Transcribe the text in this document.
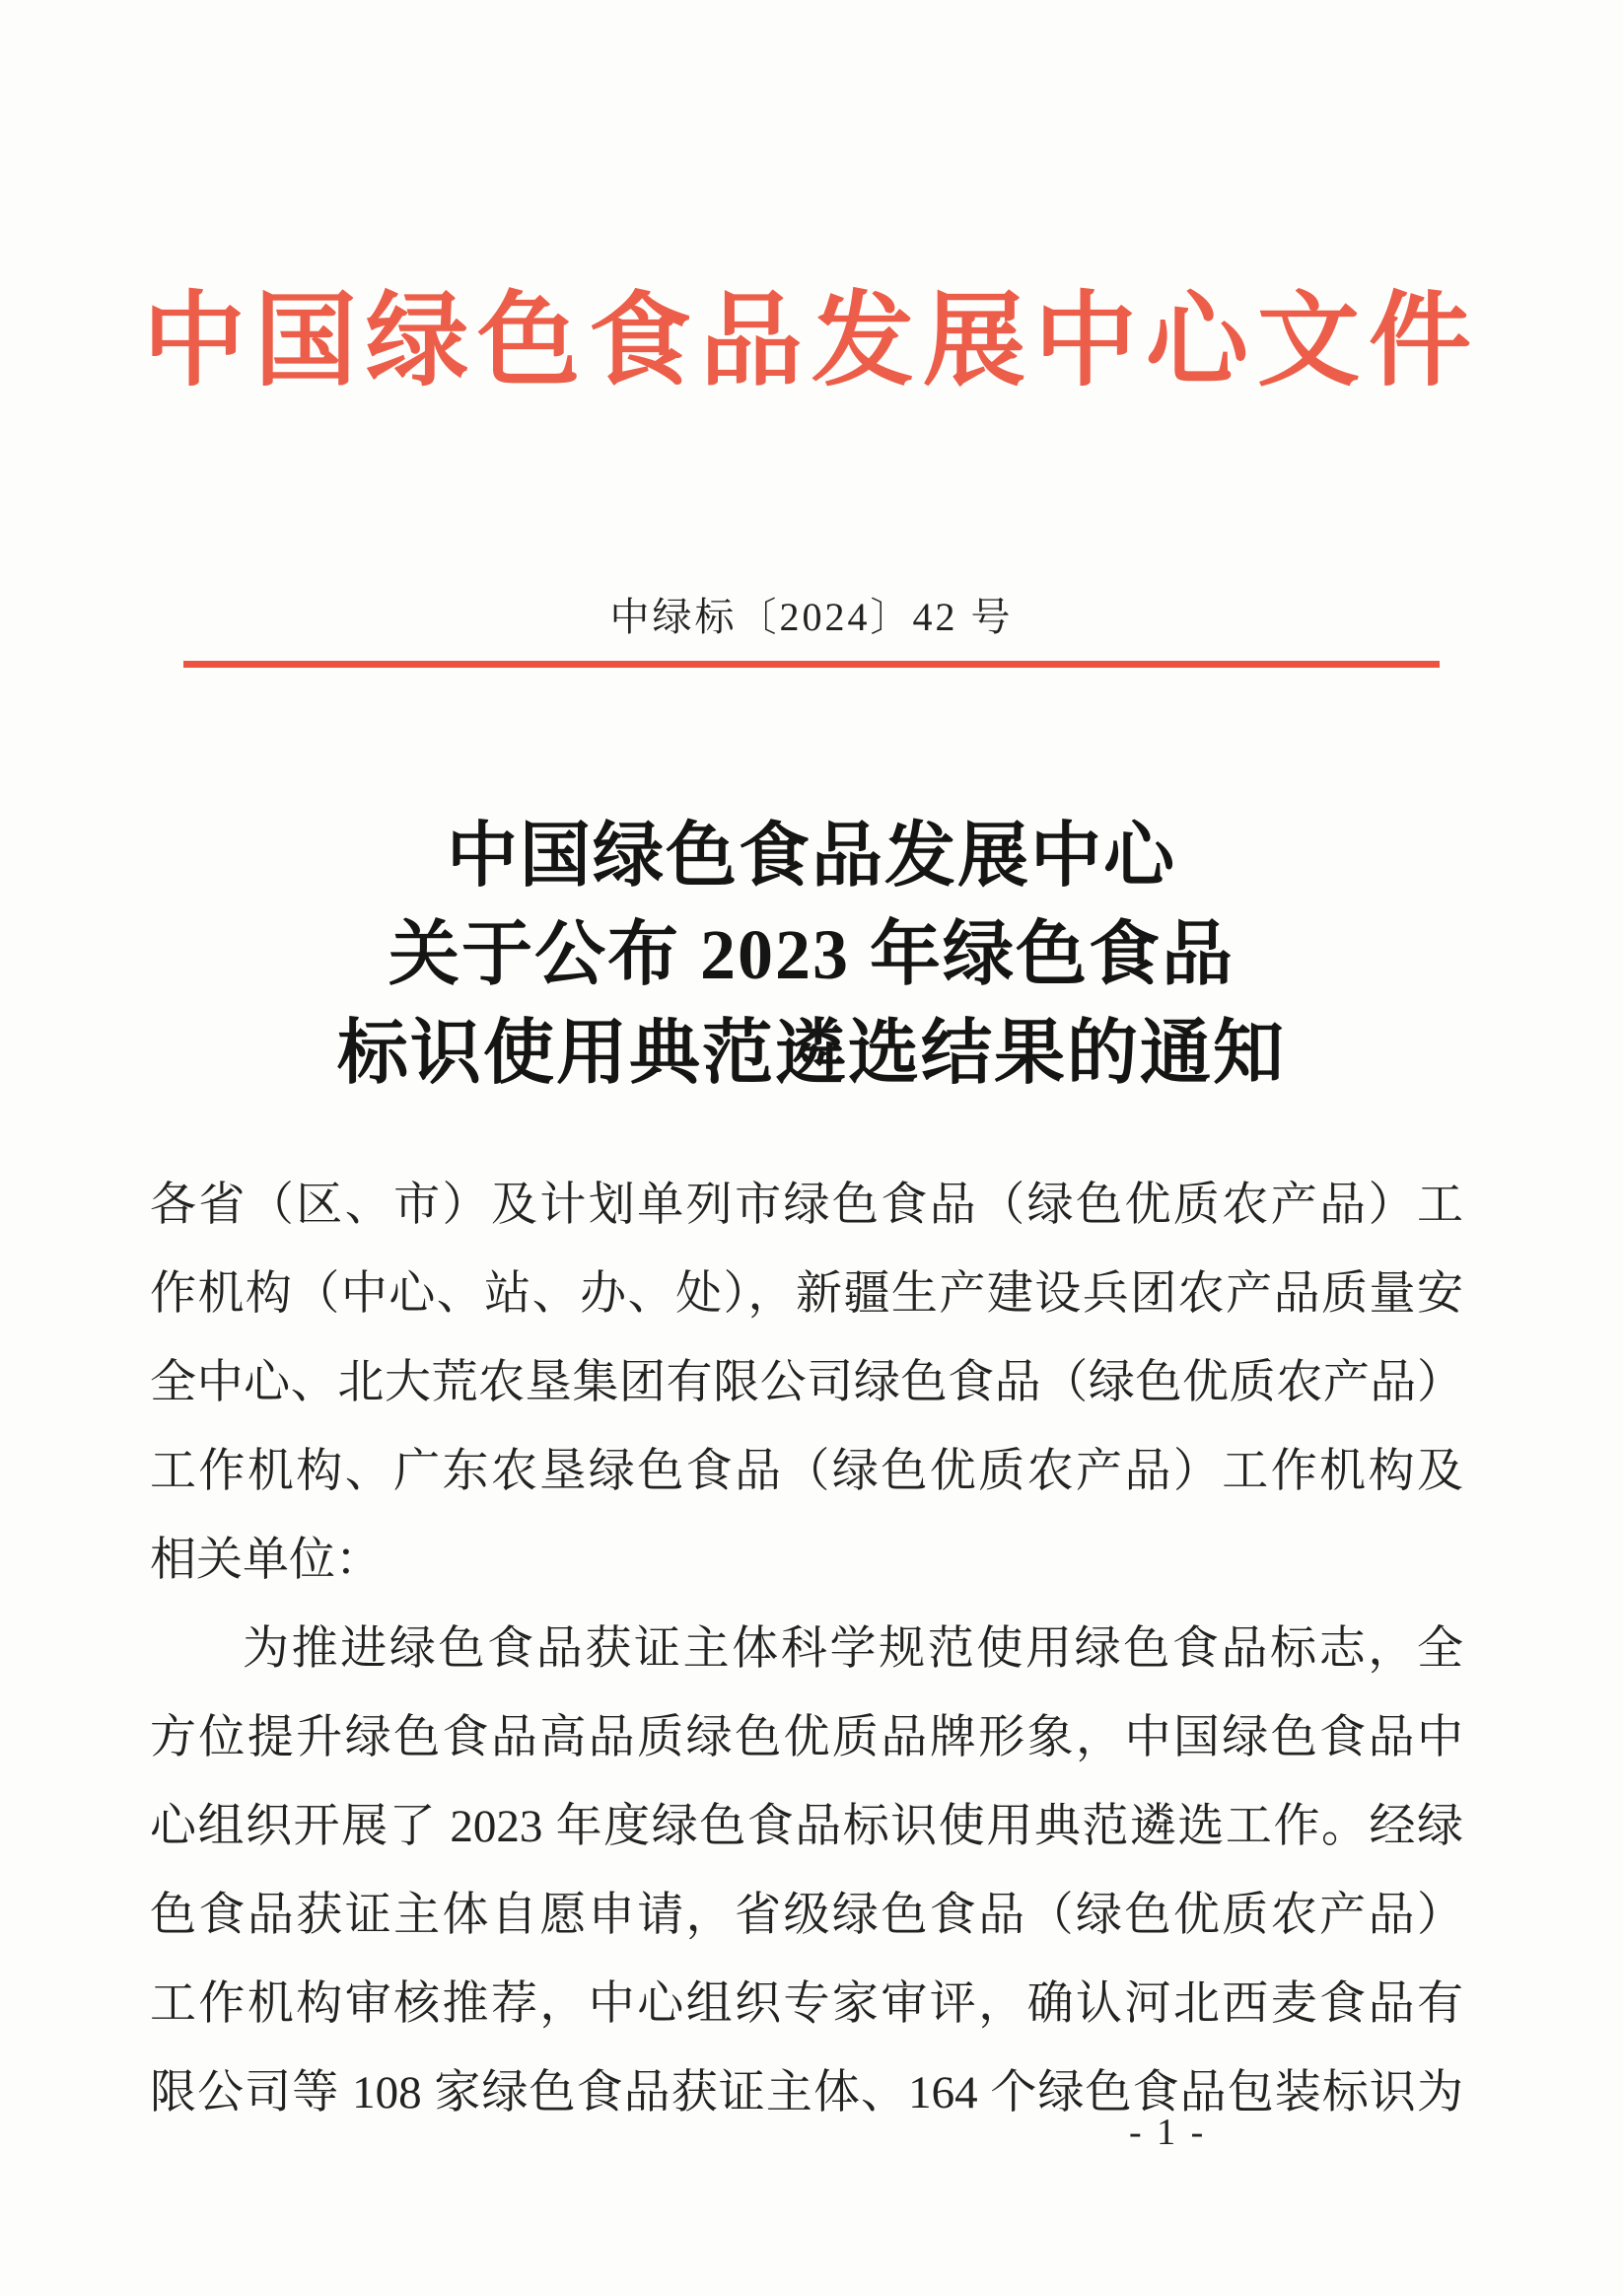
中国绿色食品发展中心文件
中绿标〔2024〕42 号
中国绿色食品发展中心
关于公布 2023 年绿色食品
标识使用典范遴选结果的通知
各省（区、市）及计划单列市绿色食品（绿色优质农产品）工
作机构（中心、站、办、处），新疆生产建设兵团农产品质量安
全中心、北大荒农垦集团有限公司绿色食品（绿色优质农产品）
工作机构、广东农垦绿色食品（绿色优质农产品）工作机构及
相关单位：
为推进绿色食品获证主体科学规范使用绿色食品标志，全
方位提升绿色食品高品质绿色优质品牌形象，中国绿色食品中
心组织开展了 2023 年度绿色食品标识使用典范遴选工作。经绿
色食品获证主体自愿申请，省级绿色食品（绿色优质农产品）
工作机构审核推荐，中心组织专家审评，确认河北西麦食品有
限公司等 108 家绿色食品获证主体、164 个绿色食品包装标识为
- 1 -
